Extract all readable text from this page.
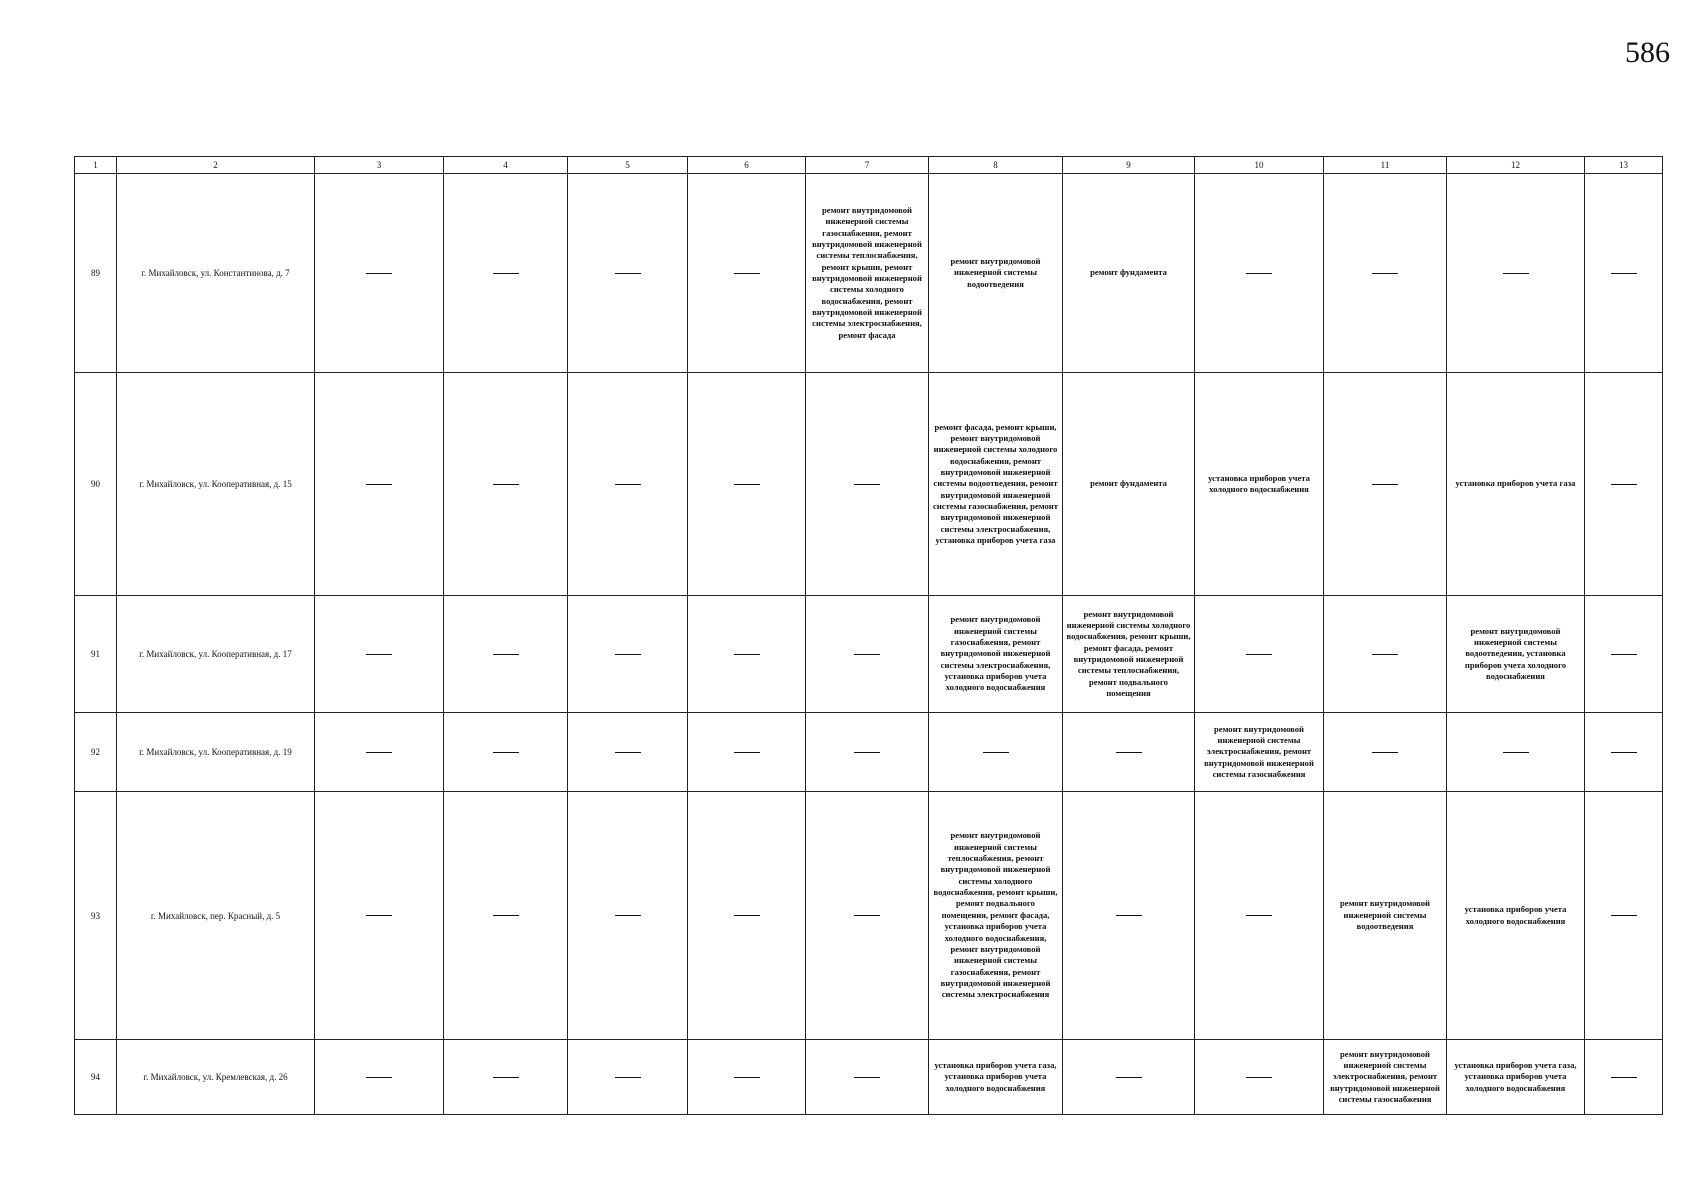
586
1	2	3	4	5	6	7	8	9	10	11	12	13
89	г. Михайловск, ул. Константинова, д. 7					ремонт внутридомовой инженерной системы газоснабжения, ремонт внутридомовой инженерной системы теплоснабжения, ремонт крыши, ремонт внутридомовой инженерной системы холодного водоснабжения, ремонт внутридомовой инженерной системы электроснабжения, ремонт фасада	ремонт внутридомовой инженерной системы водоотведения	ремонт фундамента				

90	г. Михайловск, ул. Кооперативная, д. 15						ремонт фасада, ремонт крыши, ремонт внутридомовой инженерной системы холодного водоснабжения, ремонт внутридомовой инженерной системы водоотведения, ремонт внутридомовой инженерной системы газоснабжения, ремонт внутридомовой инженерной системы электроснабжения, установка приборов учета газа	ремонт фундамента	установка приборов учета холодного водоснабжения		установка приборов учета газа	

91	г. Михайловск, ул. Кооперативная, д. 17						ремонт внутридомовой инженерной системы газоснабжения, ремонт внутридомовой инженерной системы электроснабжения, установка приборов учета холодного водоснабжения	ремонт внутридомовой инженерной системы холодного водоснабжения, ремонт крыши, ремонт фасада, ремонт внутридомовой инженерной системы теплоснабжения, ремонт подвального помещения			ремонт внутридомовой инженерной системы водоотведения, установка приборов учета холодного водоснабжения	

92	г. Михайловск, ул. Кооперативная, д. 19								ремонт внутридомовой инженерной системы электроснабжения, ремонт внутридомовой инженерной системы газоснабжения			

93	г. Михайловск, пер. Красный, д. 5						ремонт внутридомовой инженерной системы теплоснабжения, ремонт внутридомовой инженерной системы холодного водоснабжения, ремонт крыши, ремонт подвального помещения, ремонт фасада, установка приборов учета холодного водоснабжения, ремонт внутридомовой инженерной системы газоснабжения, ремонт внутридомовой инженерной системы электроснабжения			ремонт внутридомовой инженерной системы водоотведения	установка приборов учета холодного водоснабжения	

94	г. Михайловск, ул. Кремлевская, д. 26						установка приборов учета газа, установка приборов учета холодного водоснабжения			ремонт внутридомовой инженерной системы электроснабжения, ремонт внутридомовой инженерной системы газоснабжения	установка приборов учета газа, установка приборов учета холодного водоснабжения	
